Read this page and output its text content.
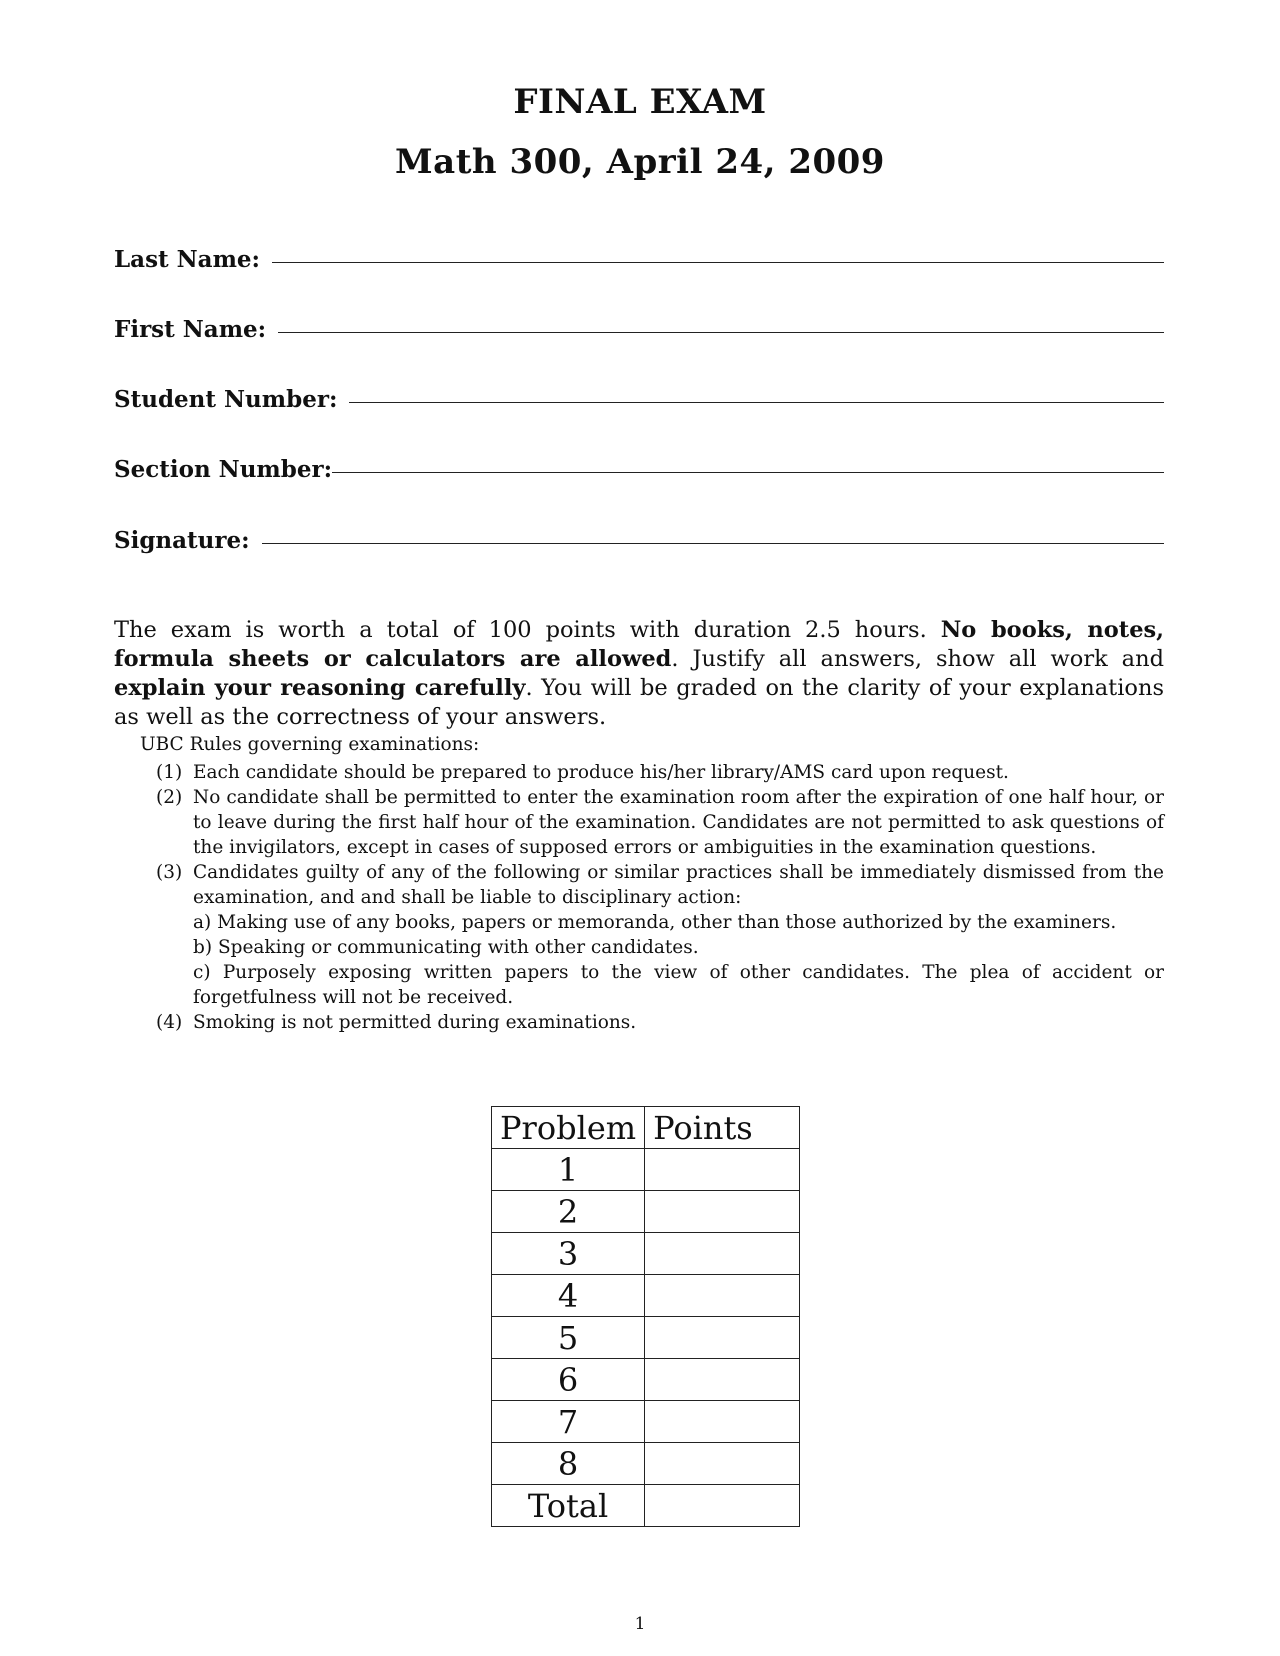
FINAL EXAM
Math 300, April 24, 2009
Last Name:
First Name:
Student Number:
Section Number:
Signature:

The exam is worth a total of 100 points with duration 2.5 hours. No books, notes, formula sheets or calculators are allowed. Justify all answers, show all work and explain your reasoning carefully. You will be graded on the clarity of your explanations as well as the correctness of your answers.

UBC Rules governing examinations:

(1) Each candidate should be prepared to produce his/her library/AMS card upon request.
(2) No candidate shall be permitted to enter the examination room after the expiration of one half hour, or to leave during the first half hour of the examination. Candidates are not permitted to ask questions of the invigilators, except in cases of supposed errors or ambiguities in the examination questions.
(3) Candidates guilty of any of the following or similar practices shall be immediately dismissed from the examination, and and shall be liable to disciplinary action:
a) Making use of any books, papers or memoranda, other than those authorized by the examiners.
b) Speaking or communicating with other candidates.
c) Purposely exposing written papers to the view of other candidates. The plea of accident or forgetfulness will not be received.
(4) Smoking is not permitted during examinations.
Problem	Points
1	
2	
3	
4	
5	
6	
7	
8	
Total	
1
